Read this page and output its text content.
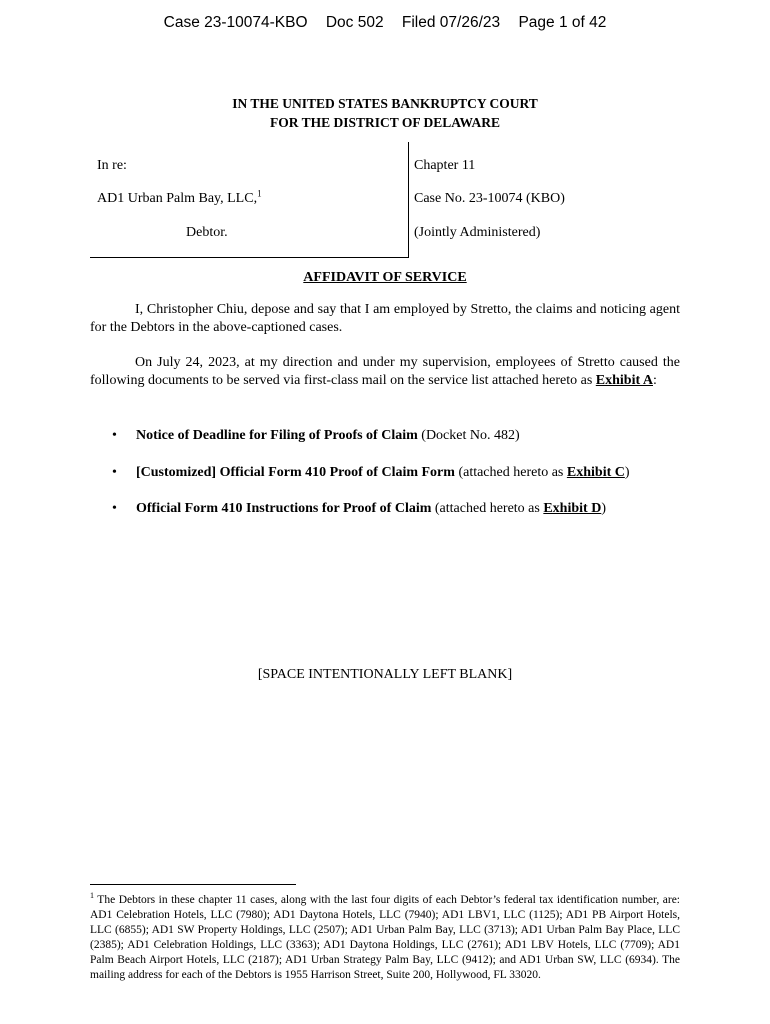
Case 23-10074-KBO Doc 502 Filed 07/26/23 Page 1 of 42
IN THE UNITED STATES BANKRUPTCY COURT
FOR THE DISTRICT OF DELAWARE
In re:
AD1 Urban Palm Bay, LLC,$^1$
Debtor.
Chapter 11
Case No. 23-10074 (KBO)
(Jointly Administered)
AFFIDAVIT OF SERVICE

I, Christopher Chiu, depose and say that I am employed by Stretto, the claims and noticing agent for the Debtors in the above-captioned cases.

On July 24, 2023, at my direction and under my supervision, employees of Stretto caused the following documents to be served via first-class mail on the service list attached hereto as Exhibit A:

• Notice of Deadline for Filing of Proofs of Claim (Docket No. 482)
• [Customized] Official Form 410 Proof of Claim Form (attached hereto as Exhibit C)
• Official Form 410 Instructions for Proof of Claim (attached hereto as Exhibit D)
[SPACE INTENTIONALLY LEFT BLANK]

$^1$ The Debtors in these chapter 11 cases, along with the last four digits of each Debtor’s federal tax identification number, are: AD1 Celebration Hotels, LLC (7980); AD1 Daytona Hotels, LLC (7940); AD1 LBV1, LLC (1125); AD1 PB Airport Hotels, LLC (6855); AD1 SW Property Holdings, LLC (2507); AD1 Urban Palm Bay, LLC (3713); AD1 Urban Palm Bay Place, LLC (2385); AD1 Celebration Holdings, LLC (3363); AD1 Daytona Holdings, LLC (2761); AD1 LBV Hotels, LLC (7709); AD1 Palm Beach Airport Hotels, LLC (2187); AD1 Urban Strategy Palm Bay, LLC (9412); and AD1 Urban SW, LLC (6934). The mailing address for each of the Debtors is 1955 Harrison Street, Suite 200, Hollywood, FL 33020.
